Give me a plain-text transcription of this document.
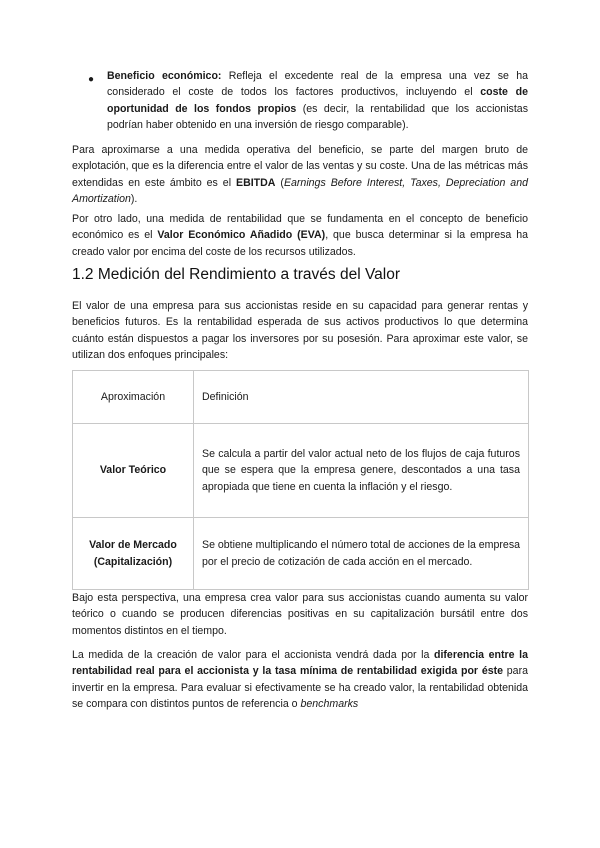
● Beneficio económico: Refleja el excedente real de la empresa una vez se ha considerado el coste de todos los factores productivos, incluyendo el coste de oportunidad de los fondos propios (es decir, la rentabilidad que los accionistas podrían haber obtenido en una inversión de riesgo comparable).
Para aproximarse a una medida operativa del beneficio, se parte del margen bruto de explotación, que es la diferencia entre el valor de las ventas y su coste. Una de las métricas más extendidas en este ámbito es el EBITDA (Earnings Before Interest, Taxes, Depreciation and Amortization).
Por otro lado, una medida de rentabilidad que se fundamenta en el concepto de beneficio económico es el Valor Económico Añadido (EVA), que busca determinar si la empresa ha creado valor por encima del coste de los recursos utilizados.
1.2 Medición del Rendimiento a través del Valor
El valor de una empresa para sus accionistas reside en su capacidad para generar rentas y beneficios futuros. Es la rentabilidad esperada de sus activos productivos lo que determina cuánto están dispuestos a pagar los inversores por su posesión. Para aproximar este valor, se utilizan dos enfoques principales:
Aproximación	Definición
Valor Teórico	Se calcula a partir del valor actual neto de los flujos de caja futuros que se espera que la empresa genere, descontados a una tasa apropiada que tiene en cuenta la inflación y el riesgo.
Valor de Mercado
(Capitalización)	Se obtiene multiplicando el número total de acciones de la empresa por el precio de cotización de cada acción en el mercado.
Bajo esta perspectiva, una empresa crea valor para sus accionistas cuando aumenta su valor teórico o cuando se producen diferencias positivas en su capitalización bursátil entre dos momentos distintos en el tiempo.
La medida de la creación de valor para el accionista vendrá dada por la diferencia entre la rentabilidad real para el accionista y la tasa mínima de rentabilidad exigida por éste para invertir en la empresa. Para evaluar si efectivamente se ha creado valor, la rentabilidad obtenida se compara con distintos puntos de referencia o benchmarks
